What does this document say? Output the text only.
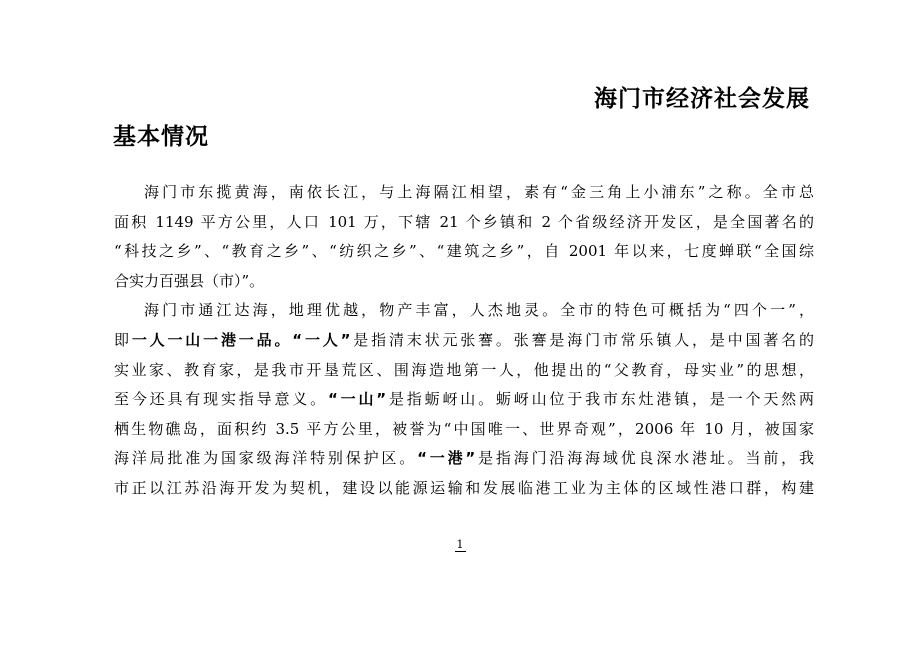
海门市经济社会发展
基本情况
海门市东揽黄海，南依长江，与上海隔江相望，素有“金三角上小浦东”之称。全市总
面积 1149 平方公里，人口 101 万，下辖 21 个乡镇和 2 个省级经济开发区，是全国著名的
“科技之乡”、“教育之乡”、“纺织之乡”、“建筑之乡”，自 2001 年以来，七度蝉联“全国综
合实力百强县（市）”。
海门市通江达海，地理优越，物产丰富，人杰地灵。全市的特色可概括为“四个一”，
即一人一山一港一品。“一人”是指清末状元张謇。张謇是海门市常乐镇人，是中国著名的
实业家、教育家，是我市开垦荒区、围海造地第一人，他提出的“父教育，母实业”的思想，
至今还具有现实指导意义。“一山”是指蛎岈山。蛎岈山位于我市东灶港镇，是一个天然两
栖生物礁岛，面积约 3.5 平方公里，被誉为“中国唯一、世界奇观”，2006 年 10 月，被国家
海洋局批准为国家级海洋特别保护区。“一港”是指海门沿海海域优良深水港址。当前，我
市正以江苏沿海开发为契机，建设以能源运输和发展临港工业为主体的区域性港口群，构建
1
